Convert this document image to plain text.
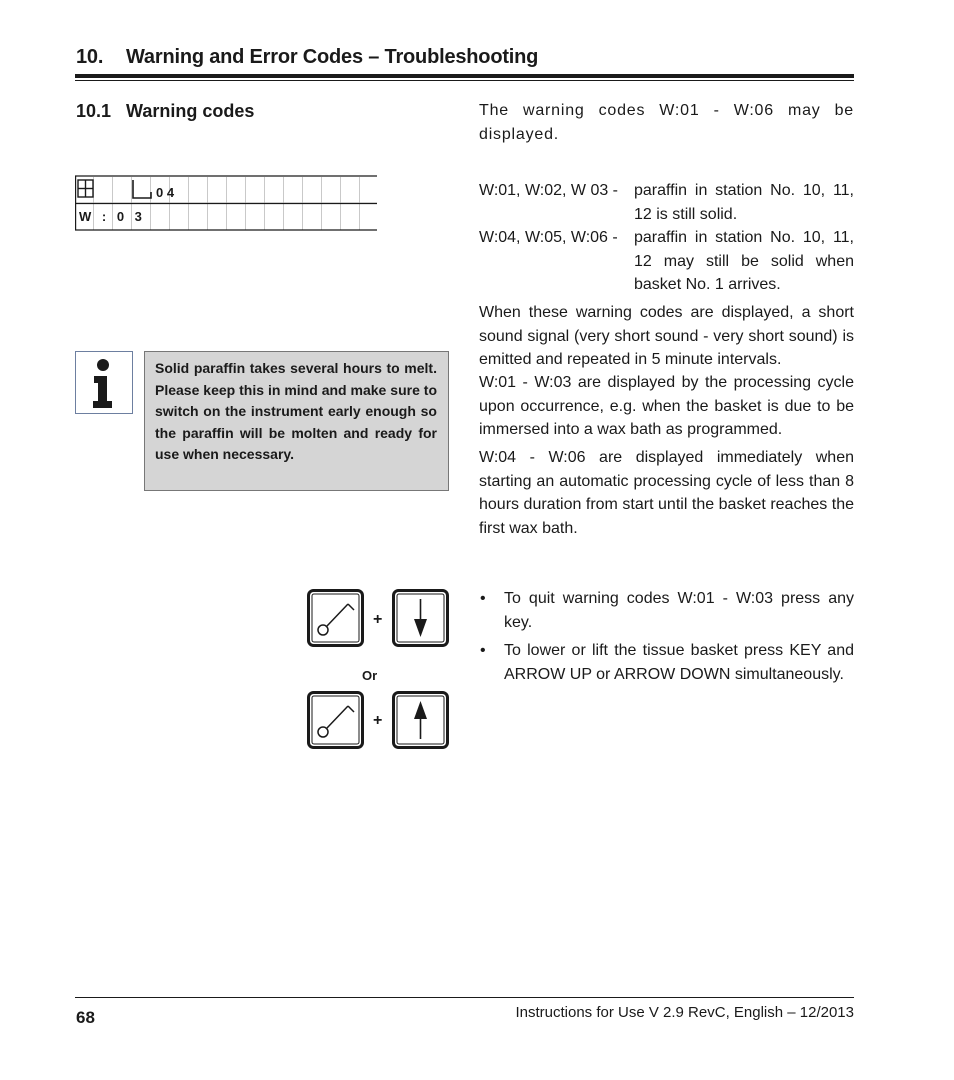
10. Warning and Error Codes – Troubleshooting
10.1 Warning codes	The warning codes W:01 - W:06 may be displayed.
W:01, W:02, W 03 - paraffin in station No. 10, 11, 12 is still solid.
W:04, W:05, W:06 -	paraffin in station No. 10, 11, 12 may still be solid when basket No. 1 arrives.
When these warning codes are displayed, a short sound signal (very short sound - very short sound) is emitted and repeated in 5 minute intervals.
W:01 - W:03 are displayed by the processing cycle upon occurrence, e.g. when the basket is due to be immersed into a wax bath as programmed.
W:04 - W:06 are displayed immediately when starting an automatic processing cycle of less than 8 hours duration from start until the basket reaches the first wax bath.
• To quit warning codes W:01 - W:03 press any key.
• To lower or lift the tissue basket press KEY and ARROW UP or ARROW DOWN simultaneously.
0 4
W : 0 3
Solid paraffin takes several hours to melt. Please keep this in mind and make sure to switch on the instrument early enough so the paraffin will be molten and ready for use when necessary.
+
Or
+
68	Instructions for Use V 2.9 RevC, English – 12/2013
